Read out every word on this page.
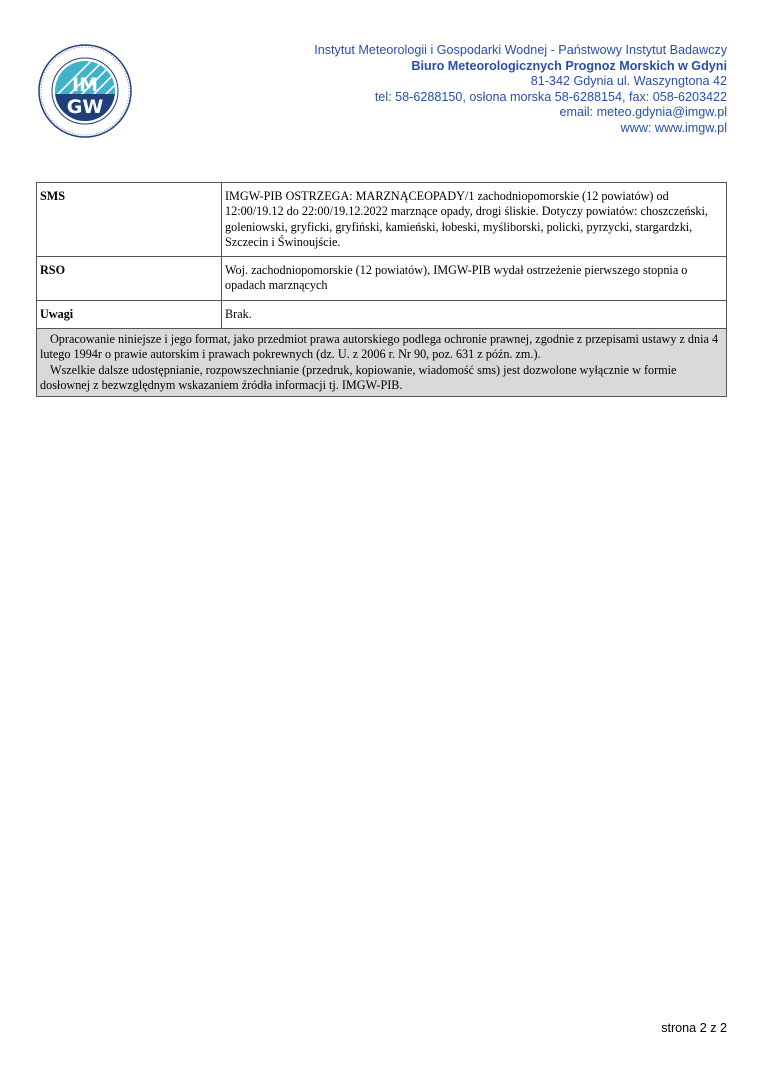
IM
GW
Instytut Meteorologii i Gospodarki Wodnej - Państwowy Instytut Badawczy
Biuro Meteorologicznych Prognoz Morskich w Gdyni
81-342 Gdynia ul. Waszyngtona 42
tel: 58-6288150, osłona morska 58-6288154, fax: 058-6203422
email: meteo.gdynia@imgw.pl
www: www.imgw.pl
SMS	IMGW-PIB OSTRZEGA: MARZNĄCEOPADY/1 zachodniopomorskie (12 powiatów) od 12:00/19.12 do 22:00/19.12.2022 marznące opady, drogi śliskie. Dotyczy powiatów: choszczeński, goleniowski, gryficki, gryfiński, kamieński, łobeski, myśliborski, policki, pyrzycki, stargardzki, Szczecin i Świnoujście.
RSO	Woj. zachodniopomorskie (12 powiatów), IMGW-PIB wydał ostrzeżenie pierwszego stopnia o opadach marznących
Uwagi	Brak.

Opracowanie niniejsze i jego format, jako przedmiot prawa autorskiego podlega ochronie prawnej, zgodnie z przepisami ustawy z dnia 4 lutego 1994r o prawie autorskim i prawach pokrewnych (dz. U. z 2006 r. Nr 90, poz. 631 z późn. zm.).

Wszelkie dalsze udostępnianie, rozpowszechnianie (przedruk, kopiowanie, wiadomość sms) jest dozwolone wyłącznie w formie dosłownej z bezwzględnym wskazaniem źródła informacji tj. IMGW-PIB.	

strona 2 z 2
